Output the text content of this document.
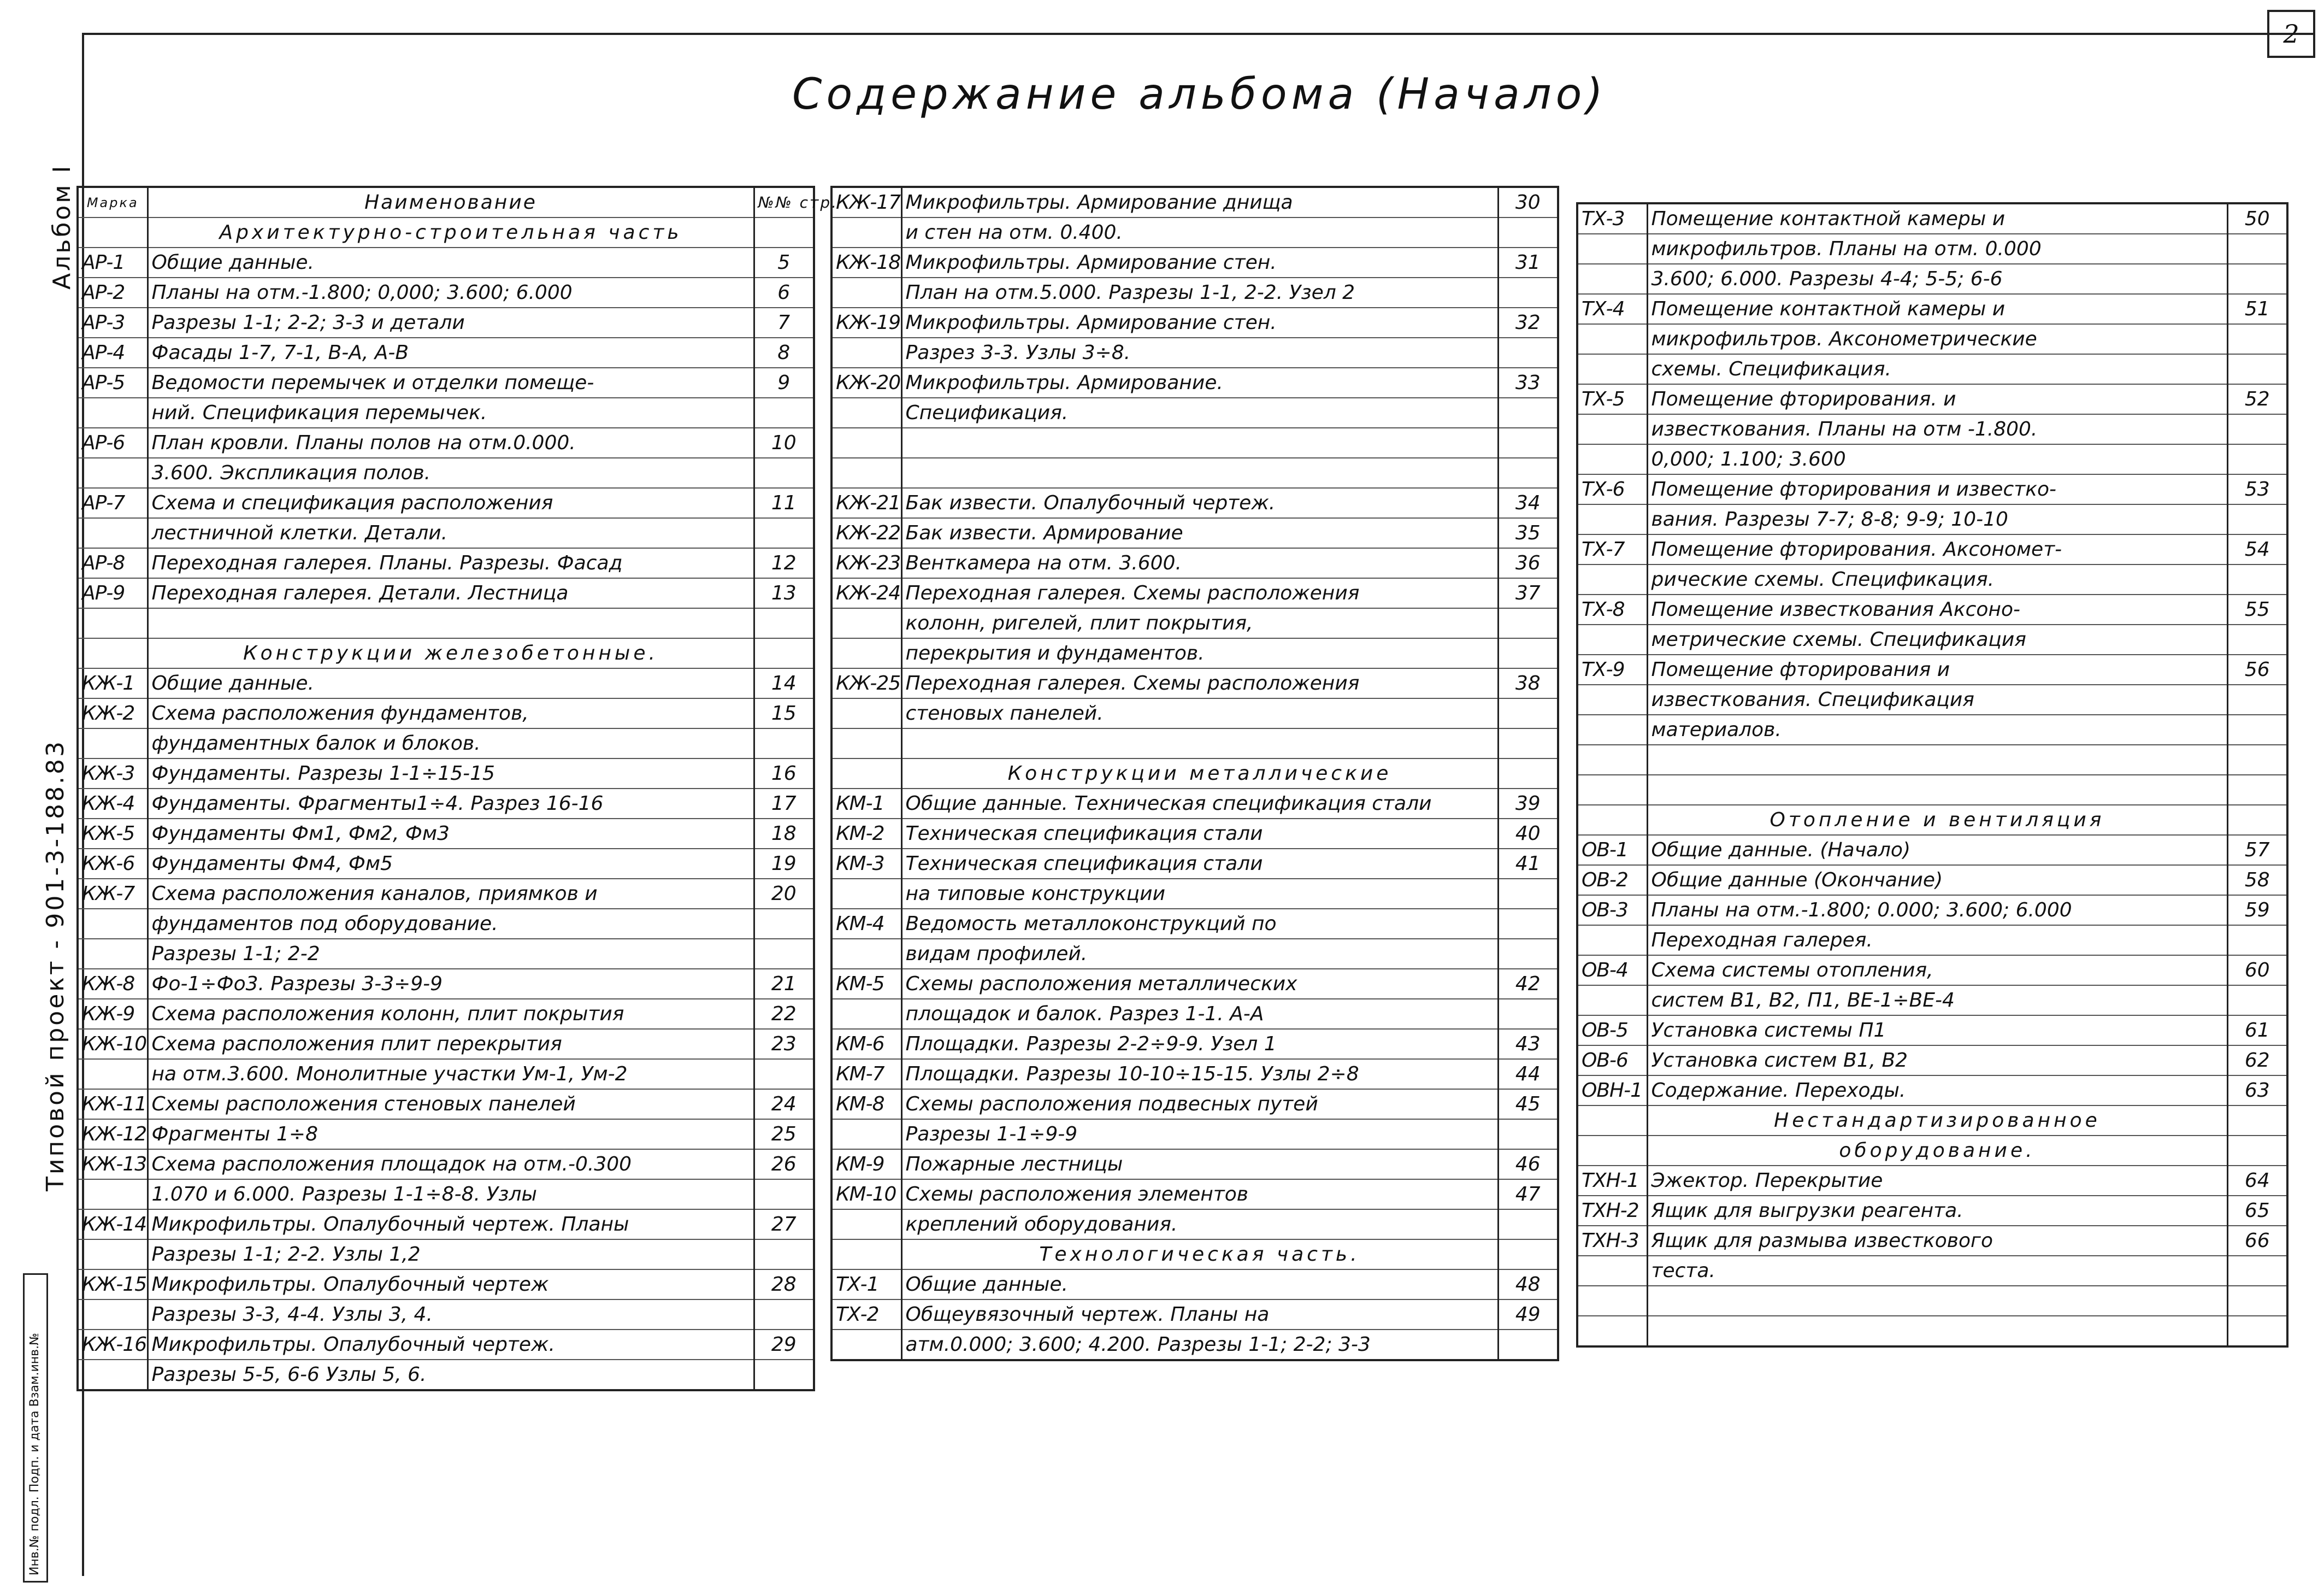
2
Содержание альбома (Начало)
Альбом I
Типовой проект - 901-3-188.83
Инв.№ подл. Подп. и дата Взам.инв.№
Марка	Наименование	№№ стр.
	Архитектурно-строительная часть	
АР-1	Общие данные.	5
АР-2	Планы на отм.-1.800; 0,000; 3.600; 6.000	6
АР-3	Разрезы 1-1; 2-2; 3-3 и детали	7
АР-4	Фасады 1-7, 7-1, В-А, А-В	8
АР-5	Ведомости перемычек и отделки помеще-	9
	ний. Спецификация перемычек.	
АР-6	План кровли. Планы полов на отм.0.000.	10
	3.600. Экспликация полов.	
АР-7	Схема и спецификация расположения	11
	лестничной клетки. Детали.	
АР-8	Переходная галерея. Планы. Разрезы. Фасад	12
АР-9	Переходная галерея. Детали. Лестница	13

	Конструкции железобетонные.	
КЖ-1	Общие данные.	14
КЖ-2	Схема расположения фундаментов,	15
	фундаментных балок и блоков.	
КЖ-3	Фундаменты. Разрезы 1-1÷15-15	16
КЖ-4	Фундаменты. Фрагменты1÷4. Разрез 16-16	17
КЖ-5	Фундаменты Фм1, Фм2, Фм3	18
КЖ-6	Фундаменты Фм4, Фм5	19
КЖ-7	Схема расположения каналов, приямков и	20
	фундаментов под оборудование.	
	Разрезы 1-1; 2-2	
КЖ-8	Фо-1÷Фо3. Разрезы 3-3÷9-9	21
КЖ-9	Схема расположения колонн, плит покрытия	22
КЖ-10	Схема расположения плит перекрытия	23
	на отм.3.600. Монолитные участки Ум-1, Ум-2	
КЖ-11	Схемы расположения стеновых панелей	24
КЖ-12	Фрагменты 1÷8	25
КЖ-13	Схема расположения площадок на отм.-0.300	26
	1.070 и 6.000. Разрезы 1-1÷8-8. Узлы	
КЖ-14	Микрофильтры. Опалубочный чертеж. Планы	27
	Разрезы 1-1; 2-2. Узлы 1,2	
КЖ-15	Микрофильтры. Опалубочный чертеж	28
	Разрезы 3-3, 4-4. Узлы 3, 4.	
КЖ-16	Микрофильтры. Опалубочный чертеж.	29
	Разрезы 5-5, 6-6 Узлы 5, 6.	
КЖ-17	Микрофильтры. Армирование днища	30
	и стен на отм. 0.400.	
КЖ-18	Микрофильтры. Армирование стен.	31
	План на отм.5.000. Разрезы 1-1, 2-2. Узел 2	
КЖ-19	Микрофильтры. Армирование стен.	32
	Разрез 3-3. Узлы 3÷8.	
КЖ-20	Микрофильтры. Армирование.	33
	Спецификация.	

КЖ-21	Бак извести. Опалубочный чертеж.	34
КЖ-22	Бак извести. Армирование	35
КЖ-23	Венткамера на отм. 3.600.	36
КЖ-24	Переходная галерея. Схемы расположения	37
	колонн, ригелей, плит покрытия,	
	перекрытия и фундаментов.	
КЖ-25	Переходная галерея. Схемы расположения	38
	стеновых панелей.	

	Конструкции металлические	
КМ-1	Общие данные. Техническая спецификация стали	39
КМ-2	Техническая спецификация стали	40
КМ-3	Техническая спецификация стали	41
	на типовые конструкции	
КМ-4	Ведомость металлоконструкций по	
	видам профилей.	
КМ-5	Схемы расположения металлических	42
	площадок и балок. Разрез 1-1. А-А	
КМ-6	Площадки. Разрезы 2-2÷9-9. Узел 1	43
КМ-7	Площадки. Разрезы 10-10÷15-15. Узлы 2÷8	44
КМ-8	Схемы расположения подвесных путей	45
	Разрезы 1-1÷9-9	
КМ-9	Пожарные лестницы	46
КМ-10	Схемы расположения элементов	47
	креплений оборудования.	
	Технологическая часть.	
ТХ-1	Общие данные.	48
ТХ-2	Общеувязочный чертеж. Планы на	49
	атм.0.000; 3.600; 4.200. Разрезы 1-1; 2-2; 3-3	
ТХ-3	Помещение контактной камеры и	50
	микрофильтров. Планы на отм. 0.000	
	3.600; 6.000. Разрезы 4-4; 5-5; 6-6	
ТХ-4	Помещение контактной камеры и	51
	микрофильтров. Аксонометрические	
	схемы. Спецификация.	
ТХ-5	Помещение фторирования. и	52
	известкования. Планы на отм -1.800.	
	0,000; 1.100; 3.600	
ТХ-6	Помещение фторирования и известко-	53
	вания. Разрезы 7-7; 8-8; 9-9; 10-10	
ТХ-7	Помещение фторирования. Аксономет-	54
	рические схемы. Спецификация.	
ТХ-8	Помещение известкования Аксоно-	55
	метрические схемы. Спецификация	
ТХ-9	Помещение фторирования и	56
	известкования. Спецификация	
	материалов.	

	Отопление и вентиляция	
ОВ-1	Общие данные. (Начало)	57
ОВ-2	Общие данные (Окончание)	58
ОВ-3	Планы на отм.-1.800; 0.000; 3.600; 6.000	59
	Переходная галерея.	
ОВ-4	Схема системы отопления,	60
	систем В1, В2, П1, ВЕ-1÷ВЕ-4	
ОВ-5	Установка системы П1	61
ОВ-6	Установка систем В1, В2	62
ОВН-1	Содержание. Переходы.	63
	Нестандартизированное	
	оборудование.	
ТХН-1	Эжектор. Перекрытие	64
ТХН-2	Ящик для выгрузки реагента.	65
ТХН-3	Ящик для размыва известкового	66
	теста.	
